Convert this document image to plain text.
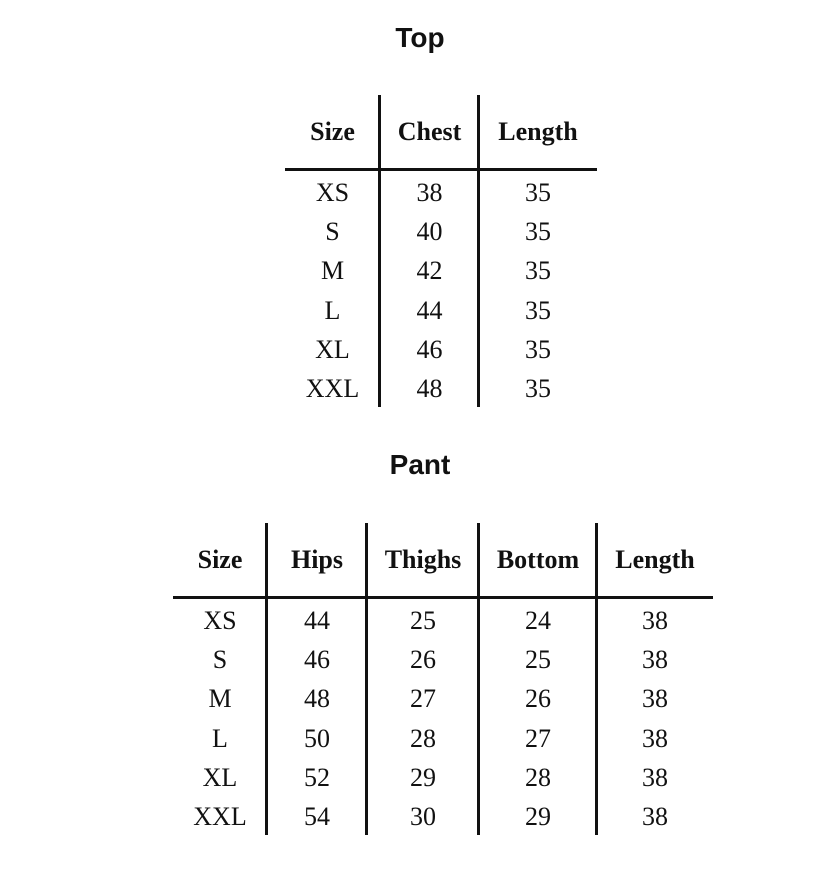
Top
Size	Chest	Length
XS	38	35
S	40	35
M	42	35
L	44	35
XL	46	35
XXL	48	35
Pant
Size	Hips	Thighs	Bottom	Length
XS	44	25	24	38
S	46	26	25	38
M	48	27	26	38
L	50	28	27	38
XL	52	29	28	38
XXL	54	30	29	38
